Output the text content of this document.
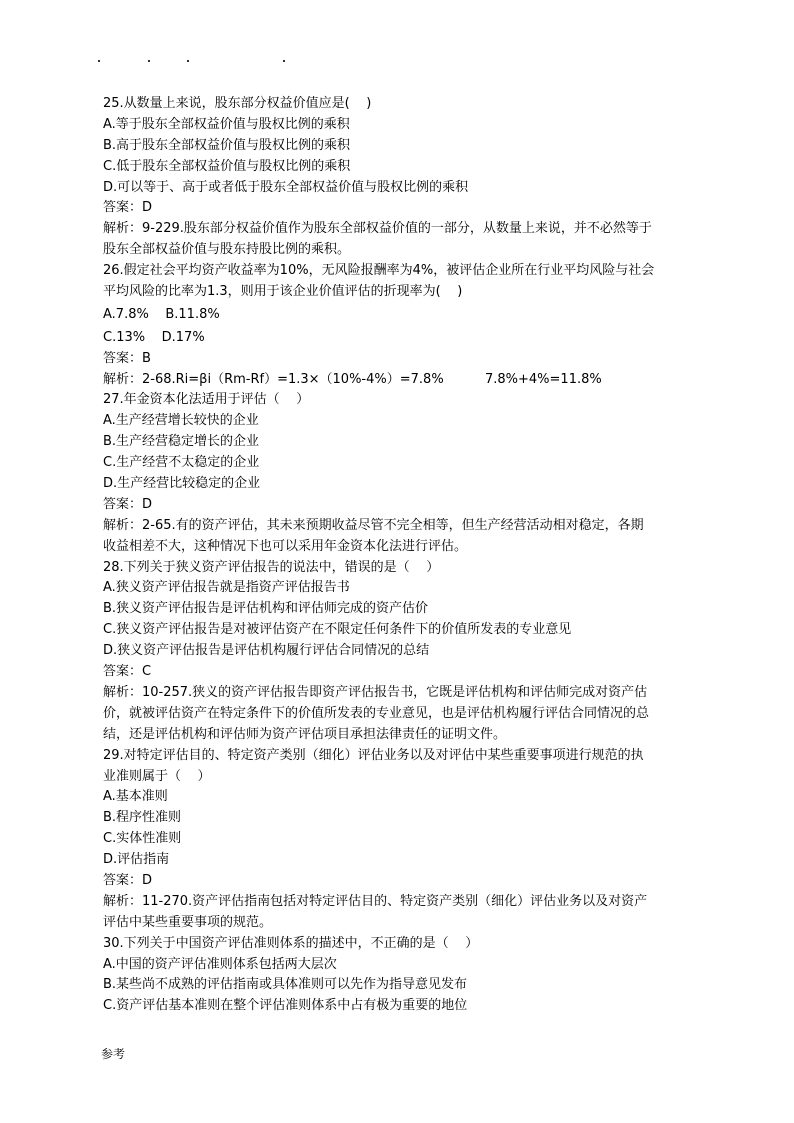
25.从数量上来说，股东部分权益价值应是(    )
A.等于股东全部权益价值与股权比例的乘积
B.高于股东全部权益价值与股权比例的乘积
C.低于股东全部权益价值与股权比例的乘积
D.可以等于、高于或者低于股东全部权益价值与股权比例的乘积
答案：D
解析：9-229.股东部分权益价值作为股东全部权益价值的一部分，从数量上来说，并不必然等于
股东全部权益价值与股东持股比例的乘积。
26.假定社会平均资产收益率为10%，无风险报酬率为4%，被评估企业所在行业平均风险与社会
平均风险的比率为1.3，则用于该企业价值评估的折现率为(    )
A.7.8%    B.11.8%
C.13%    D.17%
答案：B
解析：2-68.Ri=βi（Rm-Rf）=1.3×（10%-4%）=7.8%          7.8%+4%=11.8%
27.年金资本化法适用于评估（    ）
A.生产经营增长较快的企业
B.生产经营稳定增长的企业
C.生产经营不太稳定的企业
D.生产经营比较稳定的企业
答案：D
解析：2-65.有的资产评估，其未来预期收益尽管不完全相等，但生产经营活动相对稳定，各期
收益相差不大，这种情况下也可以采用年金资本化法进行评估。
28.下列关于狭义资产评估报告的说法中，错误的是（    ）
A.狭义资产评估报告就是指资产评估报告书
B.狭义资产评估报告是评估机构和评估师完成的资产估价
C.狭义资产评估报告是对被评估资产在不限定任何条件下的价值所发表的专业意见
D.狭义资产评估报告是评估机构履行评估合同情况的总结
答案：C
解析：10-257.狭义的资产评估报告即资产评估报告书，它既是评估机构和评估师完成对资产估
价，就被评估资产在特定条件下的价值所发表的专业意见，也是评估机构履行评估合同情况的总
结，还是评估机构和评估师为资产评估项目承担法律责任的证明文件。
29.对特定评估目的、特定资产类别（细化）评估业务以及对评估中某些重要事项进行规范的执
业准则属于（    ）
A.基本准则
B.程序性准则
C.实体性准则
D.评估指南
答案：D
解析：11-270.资产评估指南包括对特定评估目的、特定资产类别（细化）评估业务以及对资产
评估中某些重要事项的规范。
30.下列关于中国资产评估准则体系的描述中，不正确的是（    ）
A.中国的资产评估准则体系包括两大层次
B.某些尚不成熟的评估指南或具体准则可以先作为指导意见发布
C.资产评估基本准则在整个评估准则体系中占有极为重要的地位
参考
